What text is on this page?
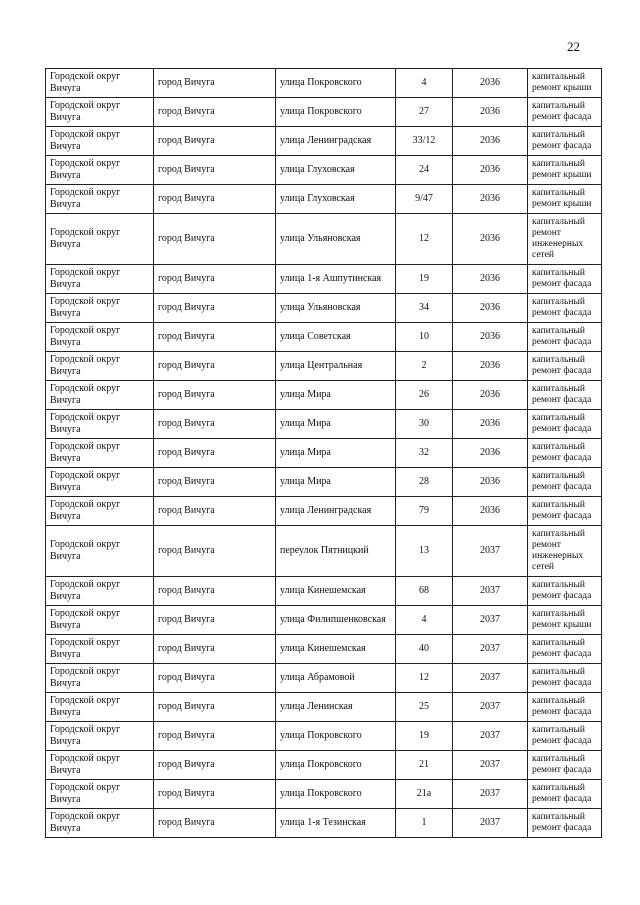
22
Городской округ Вичуга	город Вичуга	улица Покровского	4	2036	капитальный ремонт крыши
Городской округ Вичуга	город Вичуга	улица Покровского	27	2036	капитальный ремонт фасада
Городской округ Вичуга	город Вичуга	улица Ленинградская	33/12	2036	капитальный ремонт фасада
Городской округ Вичуга	город Вичуга	улица Глуховская	24	2036	капитальный ремонт крыши
Городской округ Вичуга	город Вичуга	улица Глуховская	9/47	2036	капитальный ремонт крыши
Городской округ Вичуга	город Вичуга	улица Ульяновская	12	2036	капитальный ремонт инженерных сетей
Городской округ Вичуга	город Вичуга	улица 1-я Ашпутинская	19	2036	капитальный ремонт фасада
Городской округ Вичуга	город Вичуга	улица Ульяновская	34	2036	капитальный ремонт фасада
Городской округ Вичуга	город Вичуга	улица Советская	10	2036	капитальный ремонт фасада
Городской округ Вичуга	город Вичуга	улица Центральная	2	2036	капитальный ремонт фасада
Городской округ Вичуга	город Вичуга	улица Мира	26	2036	капитальный ремонт фасада
Городской округ Вичуга	город Вичуга	улица Мира	30	2036	капитальный ремонт фасада
Городской округ Вичуга	город Вичуга	улица Мира	32	2036	капитальный ремонт фасада
Городской округ Вичуга	город Вичуга	улица Мира	28	2036	капитальный ремонт фасада
Городской округ Вичуга	город Вичуга	улица Ленинградская	79	2036	капитальный ремонт фасада
Городской округ Вичуга	город Вичуга	переулок Пятницкий	13	2037	капитальный ремонт инженерных сетей
Городской округ Вичуга	город Вичуга	улица Кинешемская	68	2037	капитальный ремонт фасада
Городской округ Вичуга	город Вичуга	улица Филипшенковская	4	2037	капитальный ремонт крыши
Городской округ Вичуга	город Вичуга	улица Кинешемская	40	2037	капитальный ремонт фасада
Городской округ Вичуга	город Вичуга	улица Абрамовой	12	2037	капитальный ремонт фасада
Городской округ Вичуга	город Вичуга	улица Ленинская	25	2037	капитальный ремонт фасада
Городской округ Вичуга	город Вичуга	улица Покровского	19	2037	капитальный ремонт фасада
Городской округ Вичуга	город Вичуга	улица Покровского	21	2037	капитальный ремонт фасада
Городской округ Вичуга	город Вичуга	улица Покровского	21а	2037	капитальный ремонт фасада
Городской округ Вичуга	город Вичуга	улица 1-я Тезинская	1	2037	капитальный ремонт фасада
